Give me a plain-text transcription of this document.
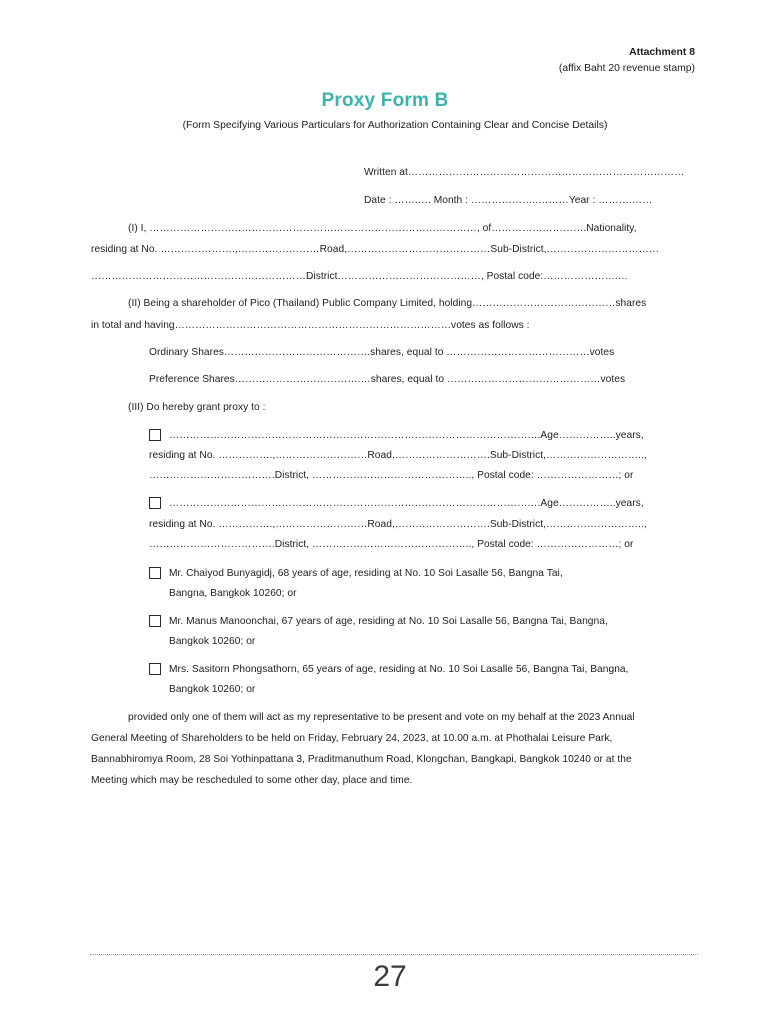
Attachment 8
(affix Baht 20 revenue stamp)
Proxy Form B
(Form Specifying Various Particulars for Authorization Containing Clear and Concise Details)
Written at………………………………………………………………………
Date : …….…. Month : ………………..………Year : ……….……
(I) I, ……………………………………………………………………………………, of……………………….Nationality,
residing at No. ………………….,……………………Road,……………………………………Sub-District,……………………………
………………………………………………………District……………………………………, Postal code:………………….…
(II) Being a shareholder of Pico (Thailand) Public Company Limited, holding……………………………………shares
in total and having………………………………………………………………………votes as follows :
Ordinary Shares…………………………………….shares, equal to ……………………………………votes
Preference Shares……………………………….…shares, equal to ………………………………………votes
(III) Do hereby grant proxy to :
……………………………………………………………………………………………….Age……………..years,
residing at No. …………….,………………………Road,……………………….Sub-District,………………………..,
……………………………….District, ……………………………………….., Postal code: ……………………; or
……………………………………………………………………………………………….Age……………..years,
residing at No. …………….,………………………Road,……………………….Sub-District,………………………..,
……………………………….District, ……………………………………….., Postal code: ……………………; or
Mr. Chaiyod Bunyagidj, 68 years of age, residing at No. 10 Soi Lasalle 56, Bangna Tai,
Bangna, Bangkok 10260; or
Mr. Manus Manoonchai, 67 years of age, residing at No. 10 Soi Lasalle 56, Bangna Tai, Bangna,
Bangkok 10260; or
Mrs. Sasitorn Phongsathorn, 65 years of age, residing at No. 10 Soi Lasalle 56, Bangna Tai, Bangna,
Bangkok 10260; or
provided only one of them will act as my representative to be present and vote on my behalf at the 2023 Annual
General Meeting of Shareholders to be held on Friday, February 24, 2023, at 10.00 a.m. at Phothalai Leisure Park,
Bannabhiromya Room, 28 Soi Yothinpattana 3, Praditmanuthum Road, Klongchan, Bangkapi, Bangkok 10240 or at the
Meeting which may be rescheduled to some other day, place and time.
27
